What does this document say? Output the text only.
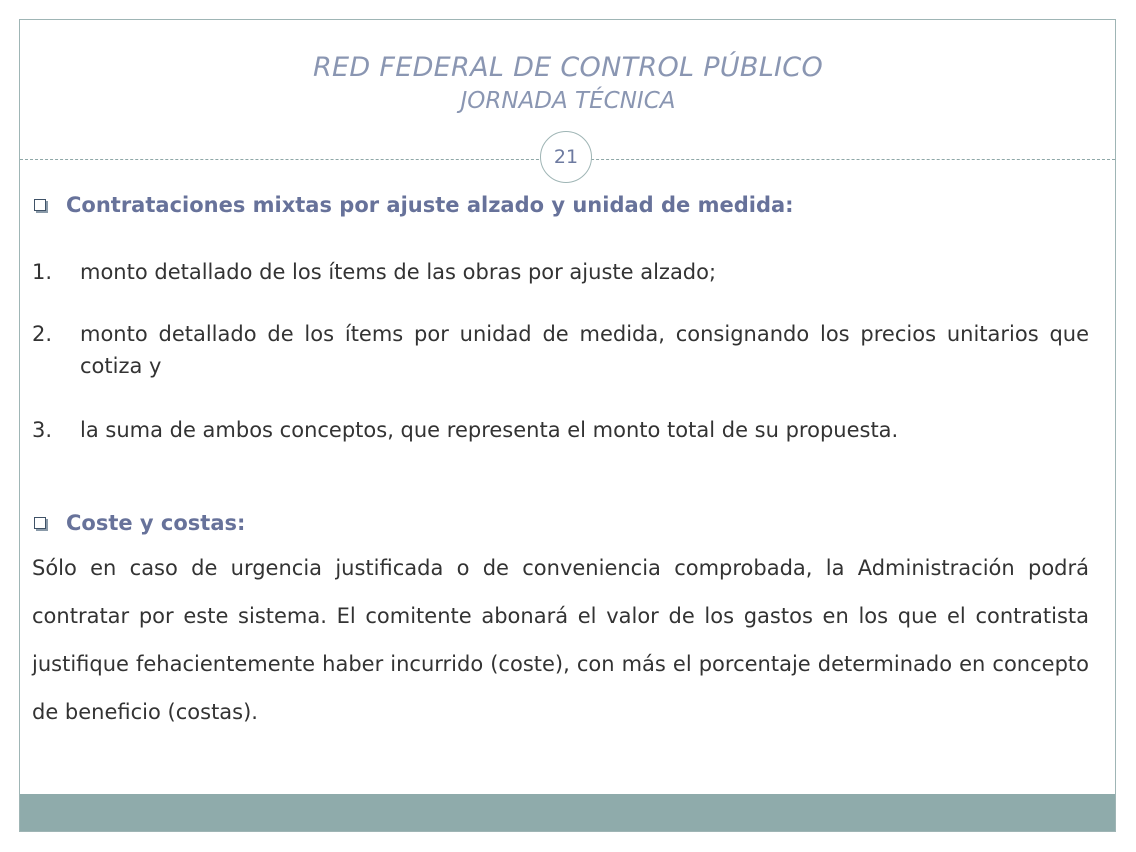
RED FEDERAL DE CONTROL PÚBLICO
JORNADA TÉCNICA
21
Contrataciones mixtas por ajuste alzado y unidad de medida:
1. monto detallado de los ítems de las obras por ajuste alzado;
2. monto detallado de los ítems por unidad de medida, consignando los precios unitarios que cotiza y
3. la suma de ambos conceptos, que representa el monto total de su propuesta.
Coste y costas:
Sólo en caso de urgencia justificada o de conveniencia comprobada, la Administración podrá contratar por este sistema. El comitente abonará el valor de los gastos en los que el contratista justifique fehacientemente haber incurrido (coste), con más el porcentaje determinado en concepto de beneficio (costas).
